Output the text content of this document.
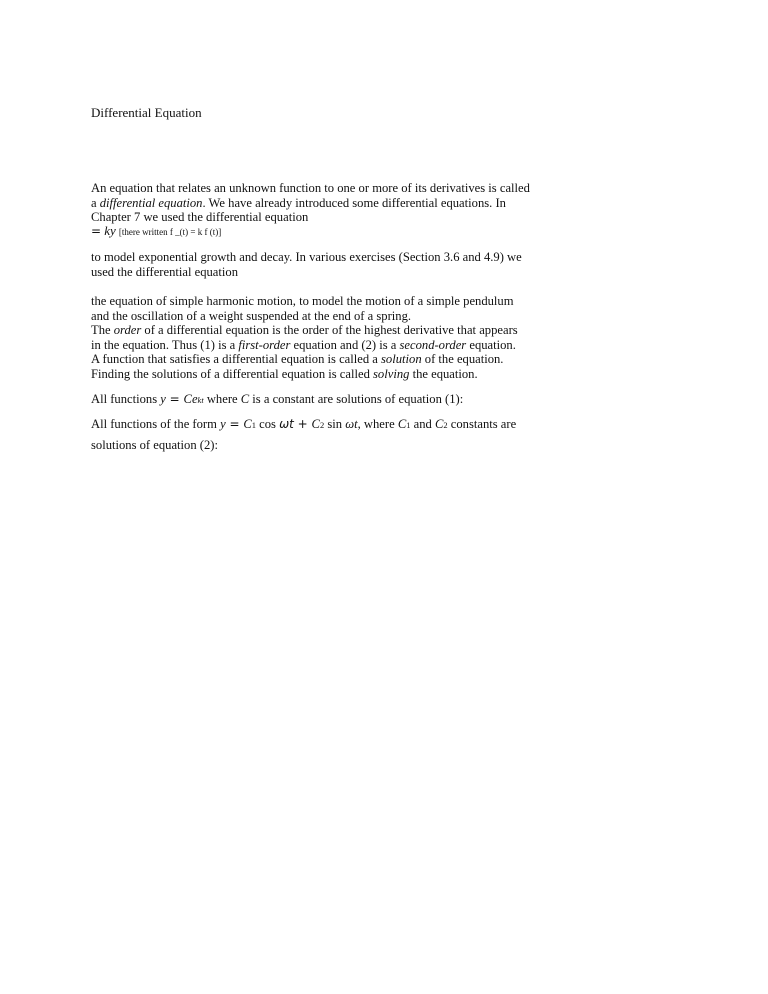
Differential Equation
An equation that relates an unknown function to one or more of its derivatives is called
a differential equation. We have already introduced some differential equations. In
Chapter 7 we used the differential equation
= ky [there written f _(t) = k f (t)]
to model exponential growth and decay. In various exercises (Section 3.6 and 4.9) we
used the differential equation
the equation of simple harmonic motion, to model the motion of a simple pendulum
and the oscillation of a weight suspended at the end of a spring.
The order of a differential equation is the order of the highest derivative that appears
in the equation. Thus (1) is a first-order equation and (2) is a second-order equation.
A function that satisfies a differential equation is called a solution of the equation.
Finding the solutions of a differential equation is called solving the equation.
All functions y = Cekt where C is a constant are solutions of equation (1):
All functions of the form y = C1 cos ωt + C2 sin ωt, where C1 and C2 constants are
solutions of equation (2):
